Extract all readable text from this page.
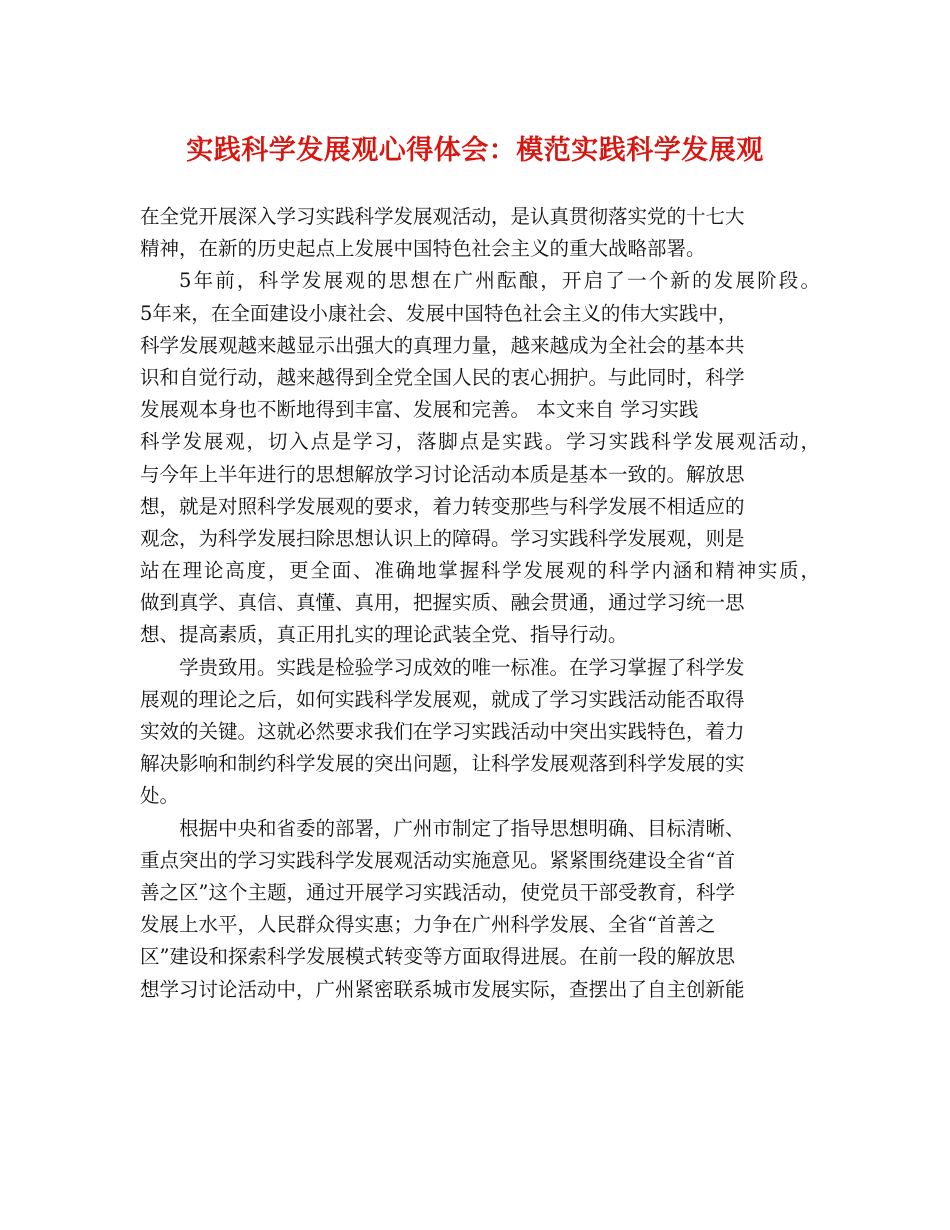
实践科学发展观心得体会：模范实践科学发展观
在全党开展深入学习实践科学发展观活动，是认真贯彻落实党的十七大
精神，在新的历史起点上发展中国特色社会主义的重大战略部署。
5年前，科学发展观的思想在广州酝酿，开启了一个新的发展阶段。
5年来，在全面建设小康社会、发展中国特色社会主义的伟大实践中，
科学发展观越来越显示出强大的真理力量，越来越成为全社会的基本共
识和自觉行动，越来越得到全党全国人民的衷心拥护。与此同时，科学
发展观本身也不断地得到丰富、发展和完善。 本文来自 学习实践
科学发展观，切入点是学习，落脚点是实践。学习实践科学发展观活动，
与今年上半年进行的思想解放学习讨论活动本质是基本一致的。解放思
想，就是对照科学发展观的要求，着力转变那些与科学发展不相适应的
观念，为科学发展扫除思想认识上的障碍。学习实践科学发展观，则是
站在理论高度，更全面、准确地掌握科学发展观的科学内涵和精神实质，
做到真学、真信、真懂、真用，把握实质、融会贯通，通过学习统一思
想、提高素质，真正用扎实的理论武装全党、指导行动。
学贵致用。实践是检验学习成效的唯一标准。在学习掌握了科学发
展观的理论之后，如何实践科学发展观，就成了学习实践活动能否取得
实效的关键。这就必然要求我们在学习实践活动中突出实践特色，着力
解决影响和制约科学发展的突出问题，让科学发展观落到科学发展的实
处。
根据中央和省委的部署，广州市制定了指导思想明确、目标清晰、
重点突出的学习实践科学发展观活动实施意见。紧紧围绕建设全省“首
善之区”这个主题，通过开展学习实践活动，使党员干部受教育，科学
发展上水平，人民群众得实惠；力争在广州科学发展、全省“首善之
区”建设和探索科学发展模式转变等方面取得进展。在前一段的解放思
想学习讨论活动中，广州紧密联系城市发展实际，查摆出了自主创新能
